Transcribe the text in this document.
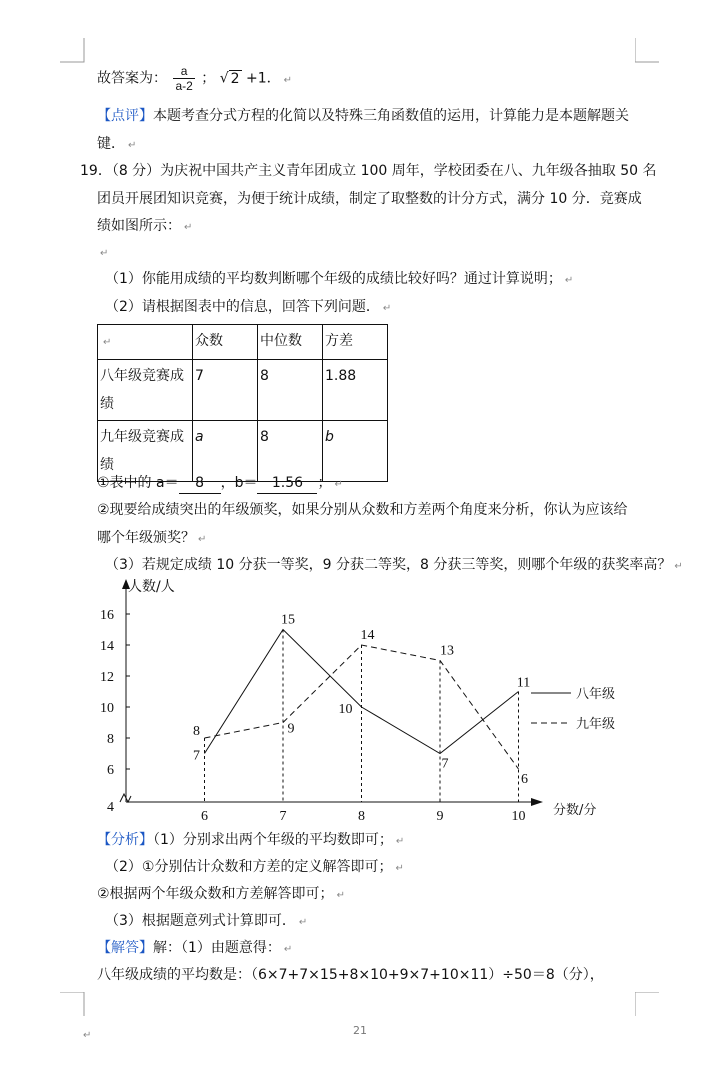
故答案为： $\frac{a}{a-2}$ ； √ 2 +1． ↵
【点评】本题考查分式方程的化简以及特殊三角函数值的运用，计算能力是本题解题关
键． ↵
19．（8 分）为庆祝中国共产主义青年团成立 100 周年，学校团委在八、九年级各抽取 50 名
团员开展团知识竞赛，为便于统计成绩，制定了取整数的计分方式，满分 10 分．竞赛成
绩如图所示： ↵
↵
（1）你能用成绩的平均数判断哪个年级的成绩比较好吗？通过计算说明； ↵
（2）请根据图表中的信息，回答下列问题． ↵
↵	众数	中位数	方差
八年级竞赛成
绩	7	8	1.88
九年级竞赛成
绩	a	8	b
①表中的 a＝ 8 ，b＝ 1.56 ； ↵
②现要给成绩突出的年级颁奖，如果分别从众数和方差两个角度来分析，你认为应该给
哪个年级颁奖？ ↵
（3）若规定成绩 10 分获一等奖，9 分获二等奖，8 分获三等奖，则哪个年级的获奖率高？ ↵
人数/人
分数/分
4
6
8
10
12
14
16
6	7	8	9	10
7
15
10
7
11
8	9
14
13
6
八年级
九年级
【分析】（1）分别求出两个年级的平均数即可； ↵
（2）①分别估计众数和方差的定义解答即可； ↵
②根据两个年级众数和方差解答即可； ↵
（3）根据题意列式计算即可． ↵
【解答】解：（1）由题意得： ↵
八年级成绩的平均数是：（6×7+7×15+8×10+9×7+10×11）÷50＝8（分），
↵	21
